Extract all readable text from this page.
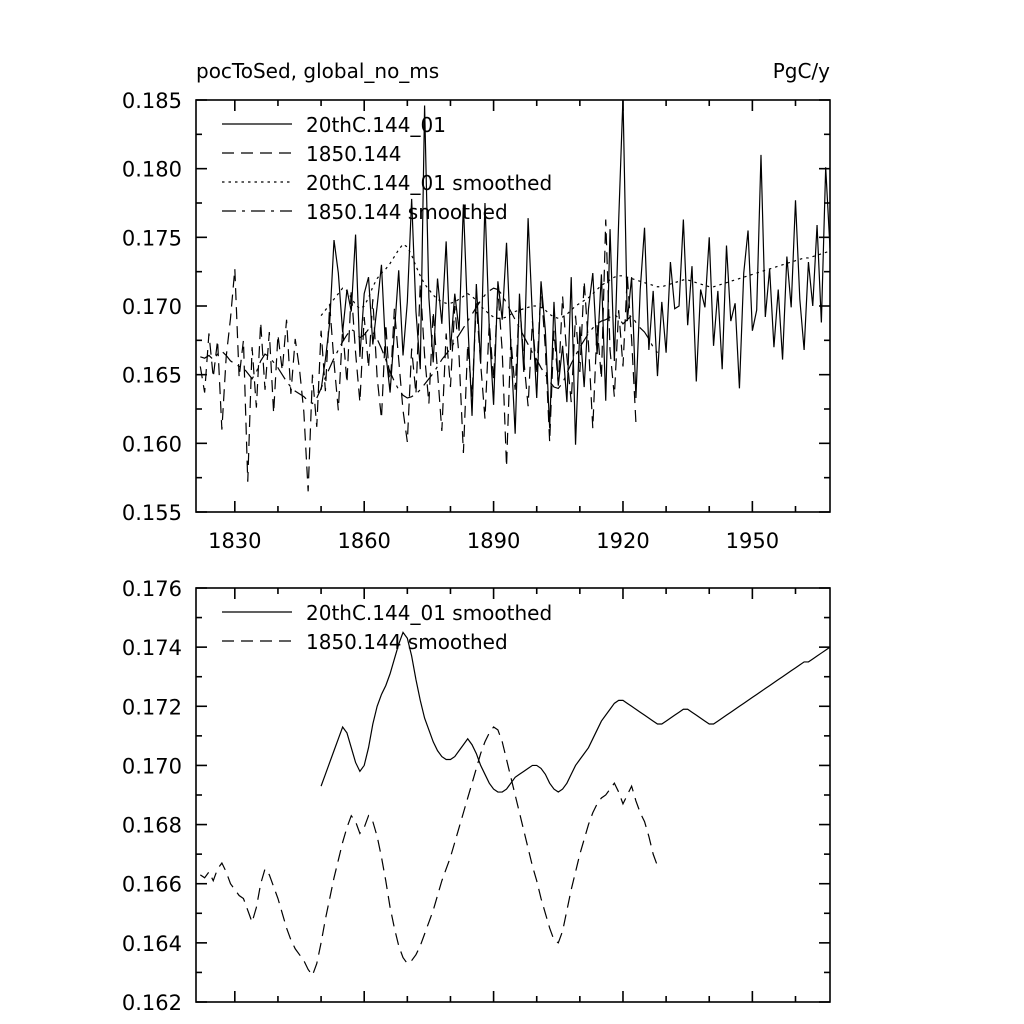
pocToSed, global_no_ms	PgC/y
0.155
0.160
0.165
0.170
0.175
0.180
0.185
1830	1860	1890	1920	1950
20thC.144_01
1850.144
20thC.144_01 smoothed
1850.144 smoothed
0.162
0.164
0.166
0.168
0.170
0.172
0.174
0.176
20thC.144_01 smoothed
1850.144 smoothed
